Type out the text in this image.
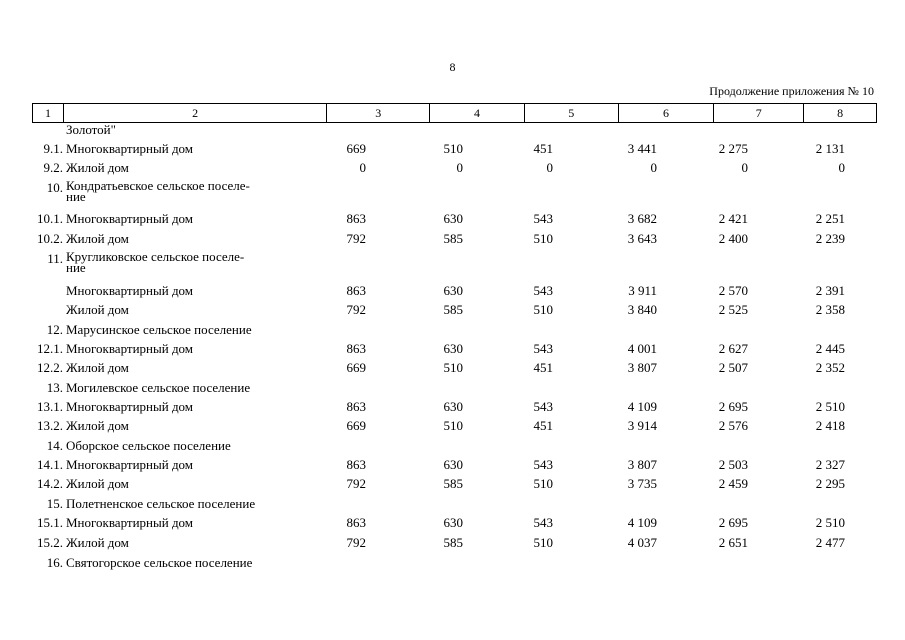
8
Продолжение приложения № 10
1	2	3	4	5	6	7	8
Золотой"
9.1. Многоквартирный дом	669	510	451	3 441	2 275	2 131
9.2. Жилой дом	0	0	0	0	0	0
10. Кондратьевское сельское поселе-
ние
10.1. Многоквартирный дом	863	630	543	3 682	2 421	2 251
10.2. Жилой дом	792	585	510	3 643	2 400	2 239
11. Кругликовское сельское поселе-
ние
Многоквартирный дом	863	630	543	3 911	2 570	2 391
Жилой дом	792	585	510	3 840	2 525	2 358
12. Марусинское сельское поселение
12.1. Многоквартирный дом	863	630	543	4 001	2 627	2 445
12.2. Жилой дом	669	510	451	3 807	2 507	2 352
13. Могилевское сельское поселение
13.1. Многоквартирный дом	863	630	543	4 109	2 695	2 510
13.2. Жилой дом	669	510	451	3 914	2 576	2 418
14. Оборское сельское поселение
14.1. Многоквартирный дом	863	630	543	3 807	2 503	2 327
14.2. Жилой дом	792	585	510	3 735	2 459	2 295
15. Полетненское сельское поселение
15.1. Многоквартирный дом	863	630	543	4 109	2 695	2 510
15.2. Жилой дом	792	585	510	4 037	2 651	2 477
16. Святогорское сельское поселение
